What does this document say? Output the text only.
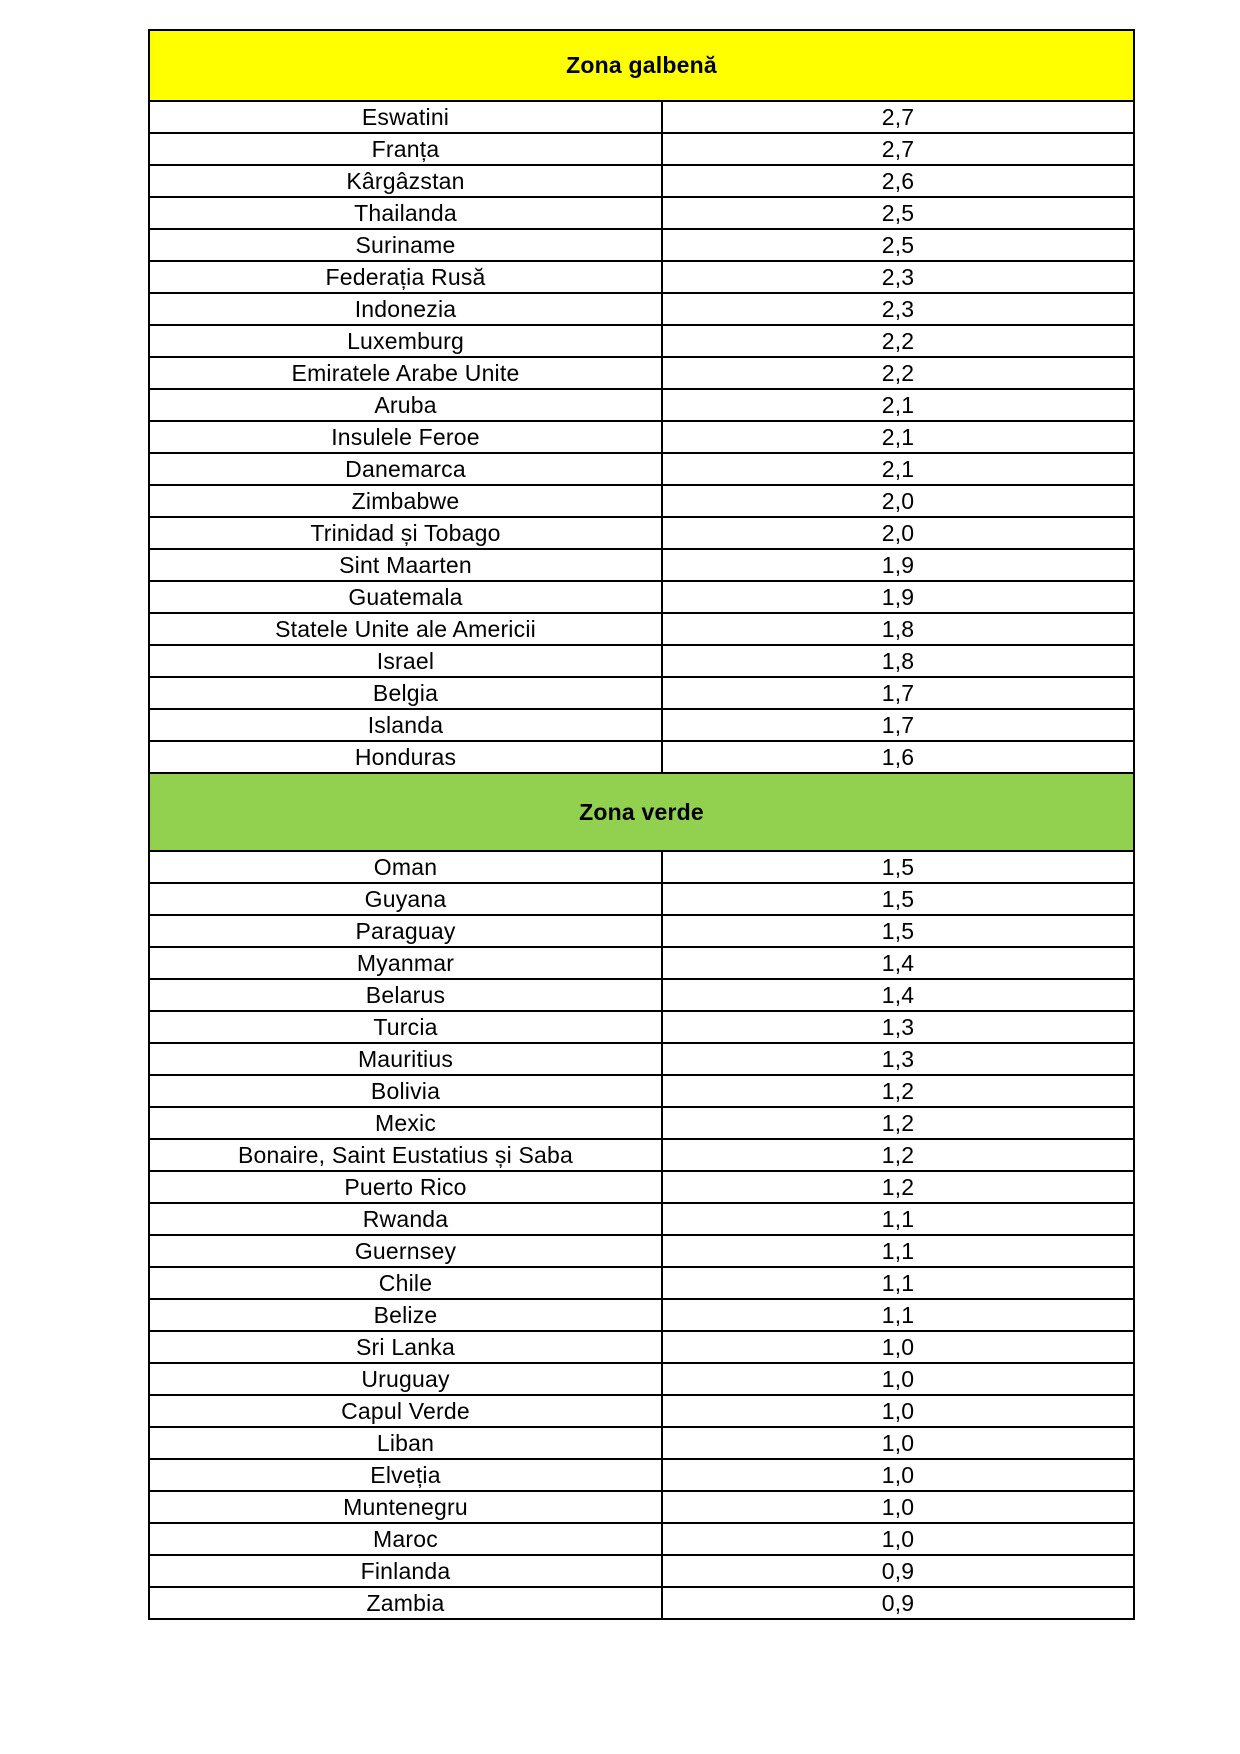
Zona galbenă	
Eswatini	2,7
Franța	2,7
Kârgâzstan	2,6
Thailanda	2,5
Suriname	2,5
Federația Rusă	2,3
Indonezia	2,3
Luxemburg	2,2
Emiratele Arabe Unite	2,2
Aruba	2,1
Insulele Feroe	2,1
Danemarca	2,1
Zimbabwe	2,0
Trinidad și Tobago	2,0
Sint Maarten	1,9
Guatemala	1,9
Statele Unite ale Americii	1,8
Israel	1,8
Belgia	1,7
Islanda	1,7
Honduras	1,6
Zona verde	
Oman	1,5
Guyana	1,5
Paraguay	1,5
Myanmar	1,4
Belarus	1,4
Turcia	1,3
Mauritius	1,3
Bolivia	1,2
Mexic	1,2
Bonaire, Saint Eustatius și Saba	1,2
Puerto Rico	1,2
Rwanda	1,1
Guernsey	1,1
Chile	1,1
Belize	1,1
Sri Lanka	1,0
Uruguay	1,0
Capul Verde	1,0
Liban	1,0
Elveția	1,0
Muntenegru	1,0
Maroc	1,0
Finlanda	0,9
Zambia	0,9
